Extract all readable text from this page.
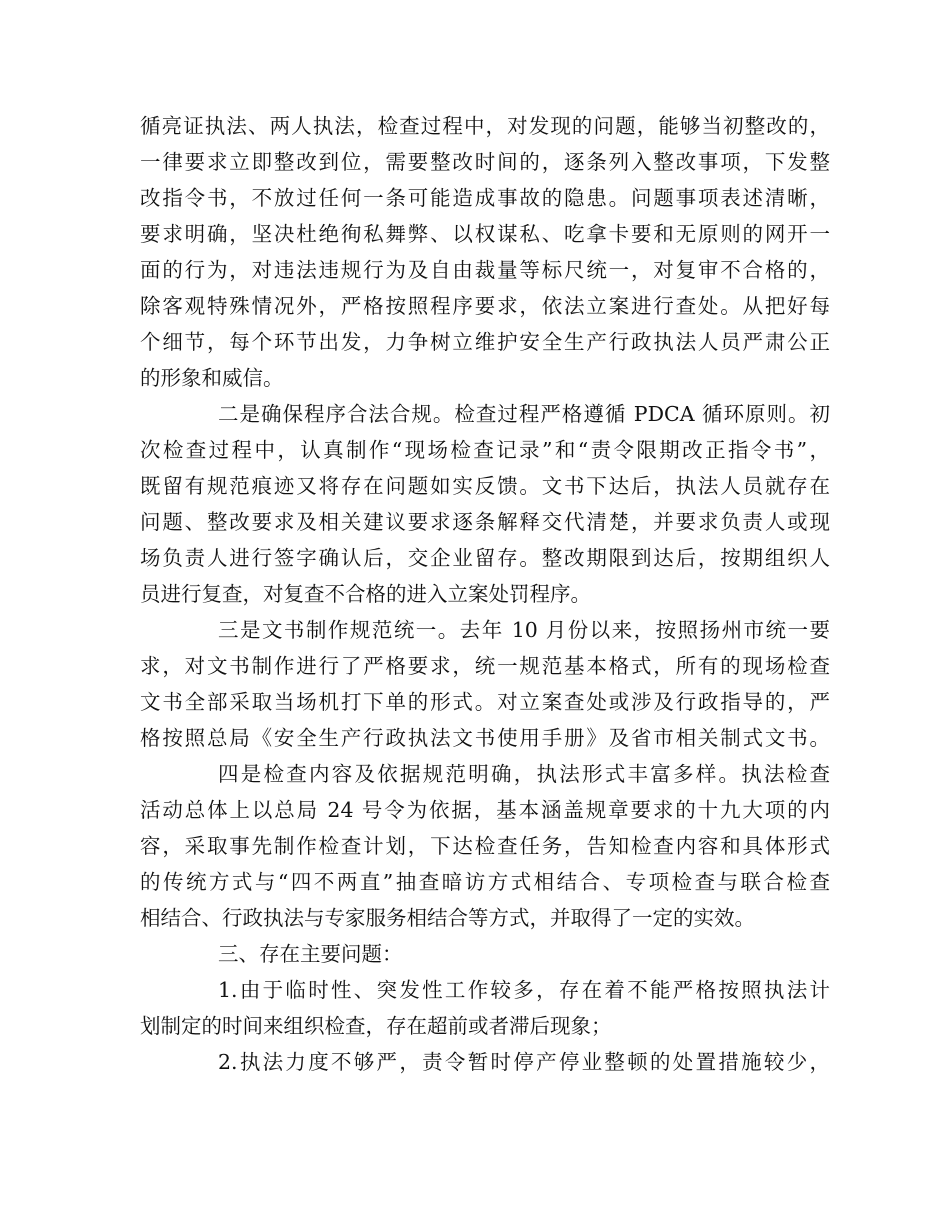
循亮证执法、两人执法，检查过程中，对发现的问题，能够当初整改的，
一律要求立即整改到位，需要整改时间的，逐条列入整改事项，下发整
改指令书，不放过任何一条可能造成事故的隐患。问题事项表述清晰，
要求明确，坚决杜绝徇私舞弊、以权谋私、吃拿卡要和无原则的网开一
面的行为，对违法违规行为及自由裁量等标尺统一，对复审不合格的，
除客观特殊情况外，严格按照程序要求，依法立案进行查处。从把好每
个细节，每个环节出发，力争树立维护安全生产行政执法人员严肃公正
的形象和威信。
二是确保程序合法合规。检查过程严格遵循 PDCA 循环原则。初
次检查过程中，认真制作“现场检查记录”和“责令限期改正指令书”，
既留有规范痕迹又将存在问题如实反馈。文书下达后，执法人员就存在
问题、整改要求及相关建议要求逐条解释交代清楚，并要求负责人或现
场负责人进行签字确认后，交企业留存。整改期限到达后，按期组织人
员进行复查，对复查不合格的进入立案处罚程序。
三是文书制作规范统一。去年 10 月份以来，按照扬州市统一要
求，对文书制作进行了严格要求，统一规范基本格式，所有的现场检查
文书全部采取当场机打下单的形式。对立案查处或涉及行政指导的，严
格按照总局《安全生产行政执法文书使用手册》及省市相关制式文书。
四是检查内容及依据规范明确，执法形式丰富多样。执法检查
活动总体上以总局 24 号令为依据，基本涵盖规章要求的十九大项的内
容，采取事先制作检查计划，下达检查任务，告知检查内容和具体形式
的传统方式与“四不两直”抽查暗访方式相结合、专项检查与联合检查
相结合、行政执法与专家服务相结合等方式，并取得了一定的实效。
三、存在主要问题：
1.由于临时性、突发性工作较多，存在着不能严格按照执法计
划制定的时间来组织检查，存在超前或者滞后现象；
2.执法力度不够严，责令暂时停产停业整顿的处置措施较少，
